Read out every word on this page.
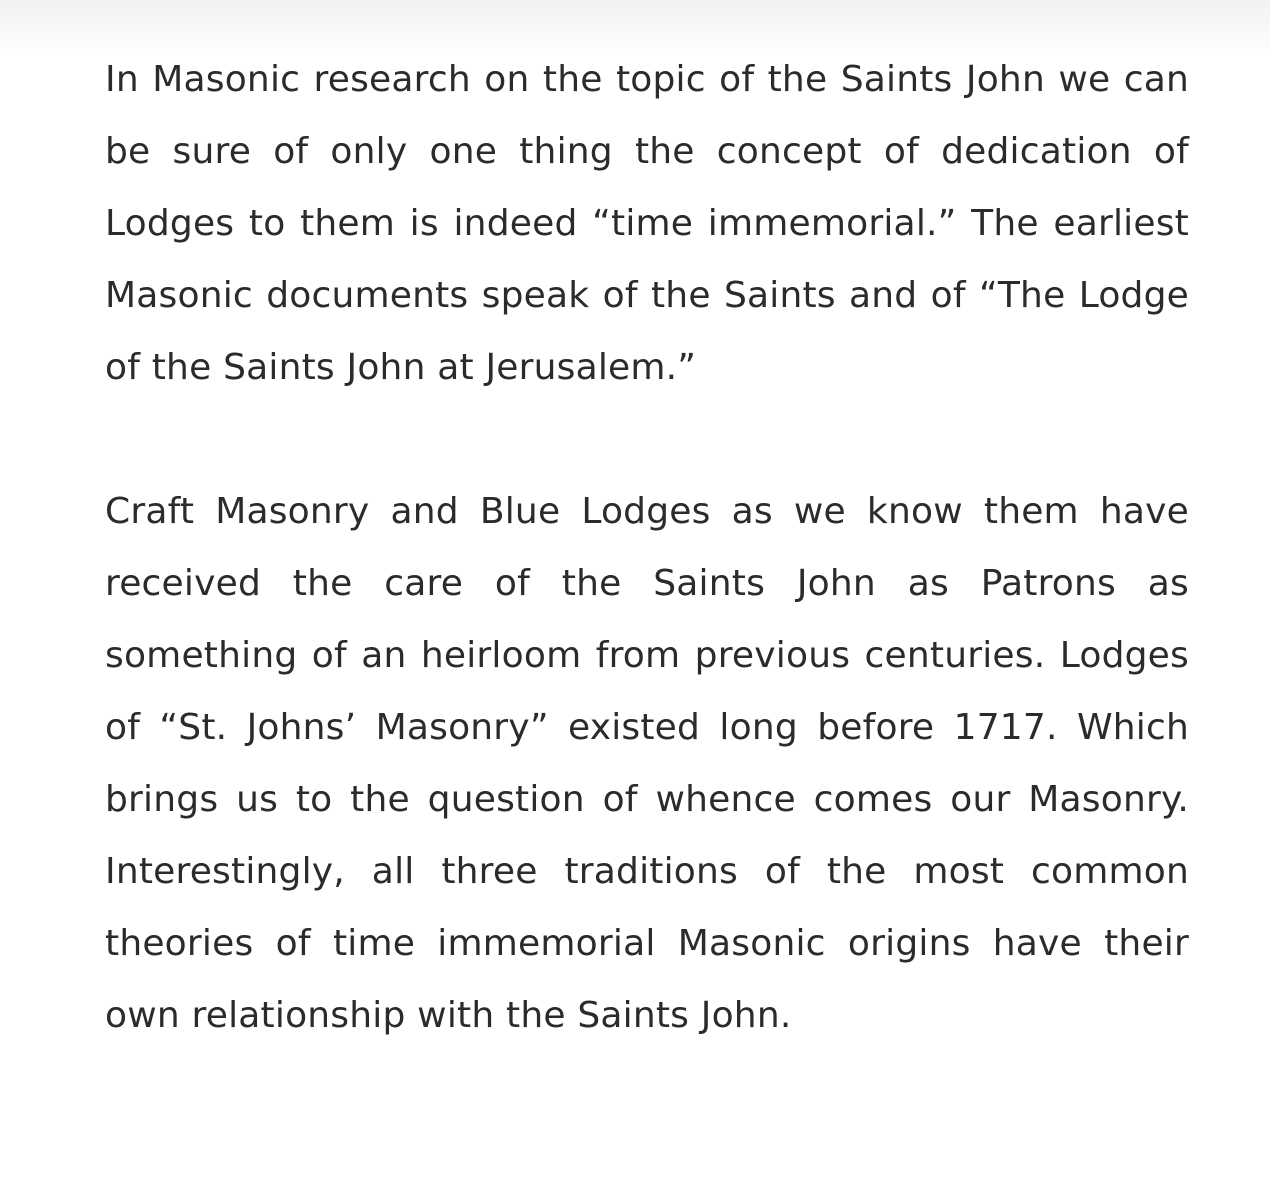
In Masonic research on the topic of the Saints John we can be sure of only one thing the concept of dedication of Lodges to them is indeed “time immemorial.” The earliest Masonic documents speak of the Saints and of “The Lodge of the Saints John at Jerusalem.”

Craft Masonry and Blue Lodges as we know them have received the care of the Saints John as Patrons as something of an heirloom from previous centuries. Lodges of “St. Johns’ Masonry” existed long before 1717. Which brings us to the question of whence comes our Masonry. Interestingly, all three traditions of the most common theories of time immemorial Masonic origins have their own relationship with the Saints John.
